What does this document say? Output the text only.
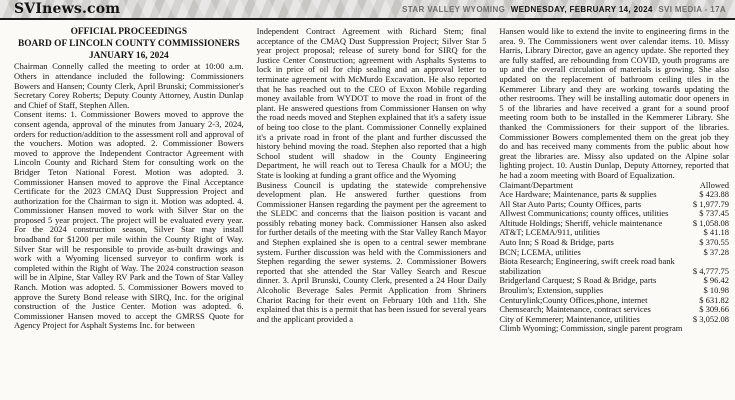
SVInews.com	STAR VALLEY WYOMING WEDNESDAY, FEBRUARY 14, 2024 SVI MEDIA - 17A
OFFICIAL PROCEEDINGS
BOARD OF LINCOLN COUNTY COMMISSIONERS
JANUARY 16, 2024

Chairman Connelly called the meeting to order at 10:00 a.m. Others in attendance included the following: Commissioners Bowers and Hansen; County Clerk, April Brunski; Commissioner's Secretary Corey Roberts; Deputy County Attorney, Austin Dunlap and Chief of Staff, Stephen Allen.

Consent items: 1. Commissioner Bowers moved to approve the consent agenda, approval of the minutes from January 2-3, 2024, orders for reduction/addition to the assessment roll and approval of the vouchers. Motion was adopted. 2. Commissioner Bowers moved to approve the Independent Contractor Agreement with Lincoln County and Richard Stem for consulting work on the Bridger Teton National Forest. Motion was adopted. 3. Commissioner Hansen moved to approve the Final Acceptance Certificate for the 2023 CMAQ Dust Suppression Project and authorization for the Chairman to sign it. Motion was adopted. 4. Commissioner Hansen moved to work with Silver Star on the proposed 5 year project. The project will be evaluated every year. For the 2024 construction season, Silver Star may install broadband for $1200 per mile within the County Right of Way. Silver Star will be responsible to provide as-built drawings and work with a Wyoming licensed surveyor to confirm work is completed within the Right of Way. The 2024 construction season will be in Alpine, Star Valley RV Park and the Town of Star Valley Ranch. Motion was adopted. 5. Commissioner Bowers moved to approve the Surety Bond release with SIRQ, Inc. for the original construction of the Justice Center. Motion was adopted. 6. Commissioner Hansen moved to accept the GMRSS Quote for Agency Project for Asphalt Systems Inc. for between

Independent Contract Agreement with Richard Stem; final acceptance of the CMAQ Dust Suppression Project; Silver Star 5 year project proposal; release of surety bond for SIRQ for the Justice Center Construction; agreement with Asphalts Systems to lock in price of oil for chip sealing and an approval letter to terminate agreement with McMurdo Excavation. He also reported that he has reached out to the CEO of Exxon Mobile regarding money available from WYDOT to move the road in front of the plant. He answered questions from Commissioner Hansen on why the road needs moved and Stephen explained that it's a safety issue of being too close to the plant. Commissioner Connelly explained it's a private road in front of the plant and further discussed the history behind moving the road. Stephen also reported that a high School student will shadow in the County Engineering Department, he will reach out to Teresa Chaulk for a MOU; the State is looking at funding a grant office and the Wyoming

Business Council is updating the statewide comprehensive development plan. He answered further questions from Commissioner Hansen regarding the payment per the agreement to the SLEDC and concerns that the liaison position is vacant and possibly rebating money back. Commissioner Hansen also asked for further details of the meeting with the Star Valley Ranch Mayor and Stephen explained she is open to a central sewer membrane system. Further discussion was held with the Commissioners and Stephen regarding the sewer systems. 2. Commissioner Bowers reported that she attended the Star Valley Search and Rescue dinner. 3. April Brunski, County Clerk, presented a 24 Hour Daily Alcoholic Beverage Sales Permit Application from Shriners Chariot Racing for their event on February 10th and 11th. She explained that this is a permit that has been issued for several years and the applicant provided a

Hansen would like to extend the invite to engineering firms in the area. 9. The Commissioners went over calendar items. 10. Missy Harris, Library Director, gave an agency update. She reported they are fully staffed, are rebounding from COVID, youth programs are up and the overall circulation of materials is growing. She also updated on the replacement of bathroom ceiling tiles in the Kemmerer Library and they are working towards updating the other restrooms. They will be installing automatic door openers in 5 of the libraries and have received a grant for a sound proof meeting room both to be installed in the Kemmerer Library. She thanked the Commissioners for their support of the libraries. Commissioner Bowers complemented them on the great job they do and has received many comments from the public about how great the libraries are. Missy also updated on the Alpine solar lighting project. 10. Austin Dunlap, Deputy Attorney, reported that he had a zoom meeting with Board of Equalization.

Claimant/Department	Allowed
Ace Hardware; Maintenance, parts & supplies	$ 423.88
All Star Auto Parts; County Offices, parts	$ 1,977.79
Allwest Communications; county offices, utilities	$ 737.45
Altitude Holdings; Sheriff, vehicle maintenance	$ 1,058.08
AT&T; LCEMA/911, utilities	$ 41.18
Auto Inn; S Road & Bridge, parts	$ 370.55
BCN; LCEMA, utilities	$ 37.28
Biota Research; Engineering, swift creek road bank stabilization	$ 4,777.75
Bridgerland Carquest; S Road & Bridge, parts	$ 96.42
Broulim's; Extension, supplies	$ 10.98
Centurylink;County Offices,phone, internet	$ 631.82
Chemsearch; Maintenance, contract services	$ 309.66
City of Kemmerer; Maintenance, utilities	$ 3,052.08
Climb Wyoming; Commission, single parent program
